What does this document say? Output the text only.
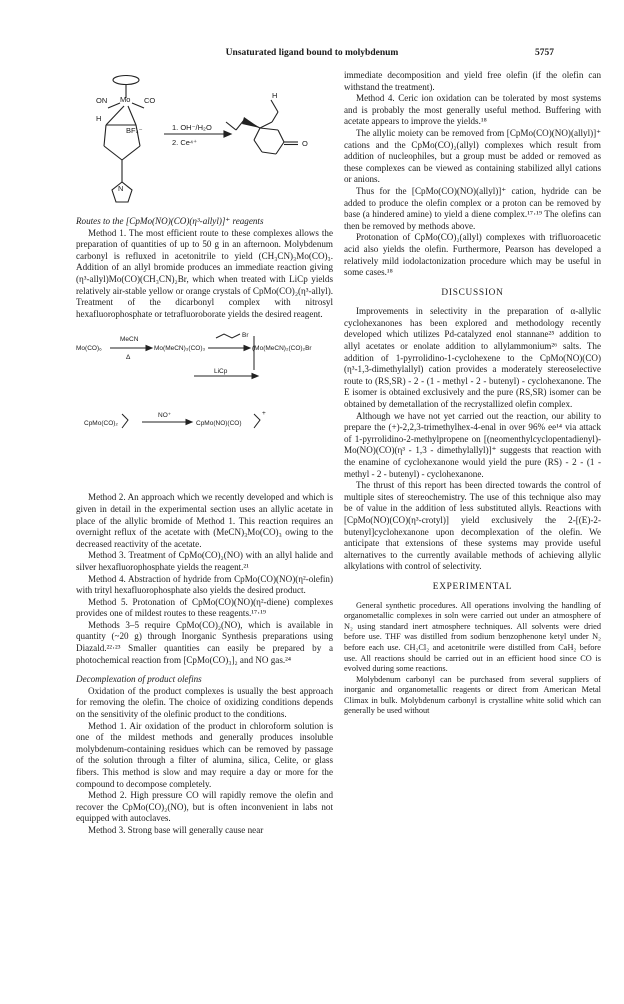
Unsaturated ligand bound to molybdenum	5757
ON Mo CO
H
BF₄⁻	1. OH⁻/H₂O
2. Ce⁴⁺
H
O
N

Routes to the [CpMo(NO)(CO)(η³-allyl)]⁺ reagents

Method 1. The most efficient route to these complexes allows the preparation of quantities of up to 50 g in an afternoon. Molybdenum carbonyl is refluxed in acetonitrile to yield (CH₃CN)₃Mo(CO)₃. Addition of an allyl bromide produces an immediate reaction giving (η³-allyl)Mo(CO)(CH₃CN)₂Br, which when treated with LiCp yields relatively air-stable yellow or orange crystals of CpMo(CO)₂(η³-allyl). Treatment of the dicarbonyl complex with nitrosyl hexafluorophosphate or tetrafluoroborate yields the desired reagent.

Mo(CO)₆
MeCN
Δ
Mo(MeCN)₃(CO)₃
Br
(Mo(MeCN)₂(CO)₂Br
LiCp
CpMo(CO)₂
NO⁺
CpMo(NO)(CO)
+

Method 2. An approach which we recently developed and which is given in detail in the experimental section uses an allylic acetate in place of the allylic bromide of Method 1. This reaction requires an overnight reflux of the acetate with (MeCN)₃Mo(CO)₃ owing to the decreased reactivity of the acetate.

Method 3. Treatment of CpMo(CO)₂(NO) with an allyl halide and silver hexafluorophosphate yields the reagent.²¹

Method 4. Abstraction of hydride from CpMo(CO)(NO)(η²-olefin) with trityl hexafluorophosphate also yields the desired product.

Method 5. Protonation of CpMo(CO)(NO)(η²-diene) complexes provides one of mildest routes to these reagents.¹⁷·¹⁹

Methods 3–5 require CpMo(CO)₂(NO), which is available in quantity (~20 g) through Inorganic Synthesis preparations using Diazald.²²·²³ Smaller quantities can easily be prepared by a photochemical reaction from [CpMo(CO)₃]₂ and NO gas.²⁴

Decomplexation of product olefins

Oxidation of the product complexes is usually the best approach for removing the olefin. The choice of oxidizing conditions depends on the sensitivity of the olefinic product to the conditions.

Method 1. Air oxidation of the product in chloroform solution is one of the mildest methods and generally produces insoluble molybdenum-containing residues which can be removed by passage of the solution through a filter of alumina, silica, Celite, or glass fibers. This method is slow and may require a day or more for the compound to decompose completely.

Method 2. High pressure CO will rapidly remove the olefin and recover the CpMo(CO)₂(NO), but is often inconvenient in labs not equipped with autoclaves.

Method 3. Strong base will generally cause near

immediate decomposition and yield free olefin (if the olefin can withstand the treatment).

Method 4. Ceric ion oxidation can be tolerated by most systems and is probably the most generally useful method. Buffering with acetate appears to improve the yields.¹⁸

The allylic moiety can be removed from [CpMo(CO)(NO)(allyl)]⁺ cations and the CpMo(CO)₂(allyl) complexes which result from addition of nucleophiles, but a group must be added or removed as these complexes can be viewed as containing stabilized allyl cations or anions.

Thus for the [CpMo(CO)(NO)(allyl)]⁺ cation, hydride can be added to produce the olefin complex or a proton can be removed by base (a hindered amine) to yield a diene complex.¹⁷·¹⁹ The olefins can then be removed by methods above.

Protonation of CpMo(CO)₂(allyl) complexes with trifluoroacetic acid also yields the olefin. Furthermore, Pearson has developed a relatively mild iodolactonization procedure which may be useful in some cases.¹⁸

DISCUSSION

Improvements in selectivity in the preparation of α-allylic cyclohexanones has been explored and methodology recently developed which utilizes Pd-catalyzed enol stannane²⁵ addition to allyl acetates or enolate addition to allylammonium²⁶ salts. The addition of 1-pyrrolidino-1-cyclohexene to the CpMo(NO)(CO)(η³-1,3-dimethylallyl) cation provides a moderately stereoselective route to (RS,SR) - 2 - (1 - methyl - 2 - butenyl) - cyclohexanone. The E isomer is obtained exclusively and the pure (RS,SR) isomer can be obtained by demetallation of the recrystallized olefin complex.

Although we have not yet carried out the reaction, our ability to prepare the (+)-2,2,3-trimethylhex-4-enal in over 96% ee¹⁴ via attack of 1-pyrrolidino-2-methylpropene on [(neomenthylcyclopentadienyl)-Mo(NO)(CO)(η³ - 1,3 - dimethylallyl)]⁺ suggests that reaction with the enamine of cyclohexanone would yield the pure (RS) - 2 - (1 - methyl - 2 - butenyl) - cyclohexanone.

The thrust of this report has been directed towards the control of multiple sites of stereochemistry. The use of this technique also may be of value in the addition of less substituted allyls. Reactions with [CpMo(NO)(CO)(η³-crotyl)] yield exclusively the 2-[(E)-2-butenyl]cyclohexanone upon decomplexation of the olefin. We anticipate that extensions of these systems may provide useful alternatives to the currently available methods of achieving allylic alkylations with control of selectivity.

EXPERIMENTAL

General synthetic procedures. All operations involving the handling of organometallic complexes in soln were carried out under an atmosphere of N₂ using standard inert atmosphere techniques. All solvents were dried before use. THF was distilled from sodium benzophenone ketyl under N₂ before each use. CH₂Cl₂ and acetonitrile were distilled from CaH₂ before use. All reactions should be carried out in an efficient hood since CO is evolved during some reactions.

Molybdenum carbonyl can be purchased from several suppliers of inorganic and organometallic reagents or direct from American Metal Climax in bulk. Molybdenum carbonyl is crystalline white solid which can generally be used without
